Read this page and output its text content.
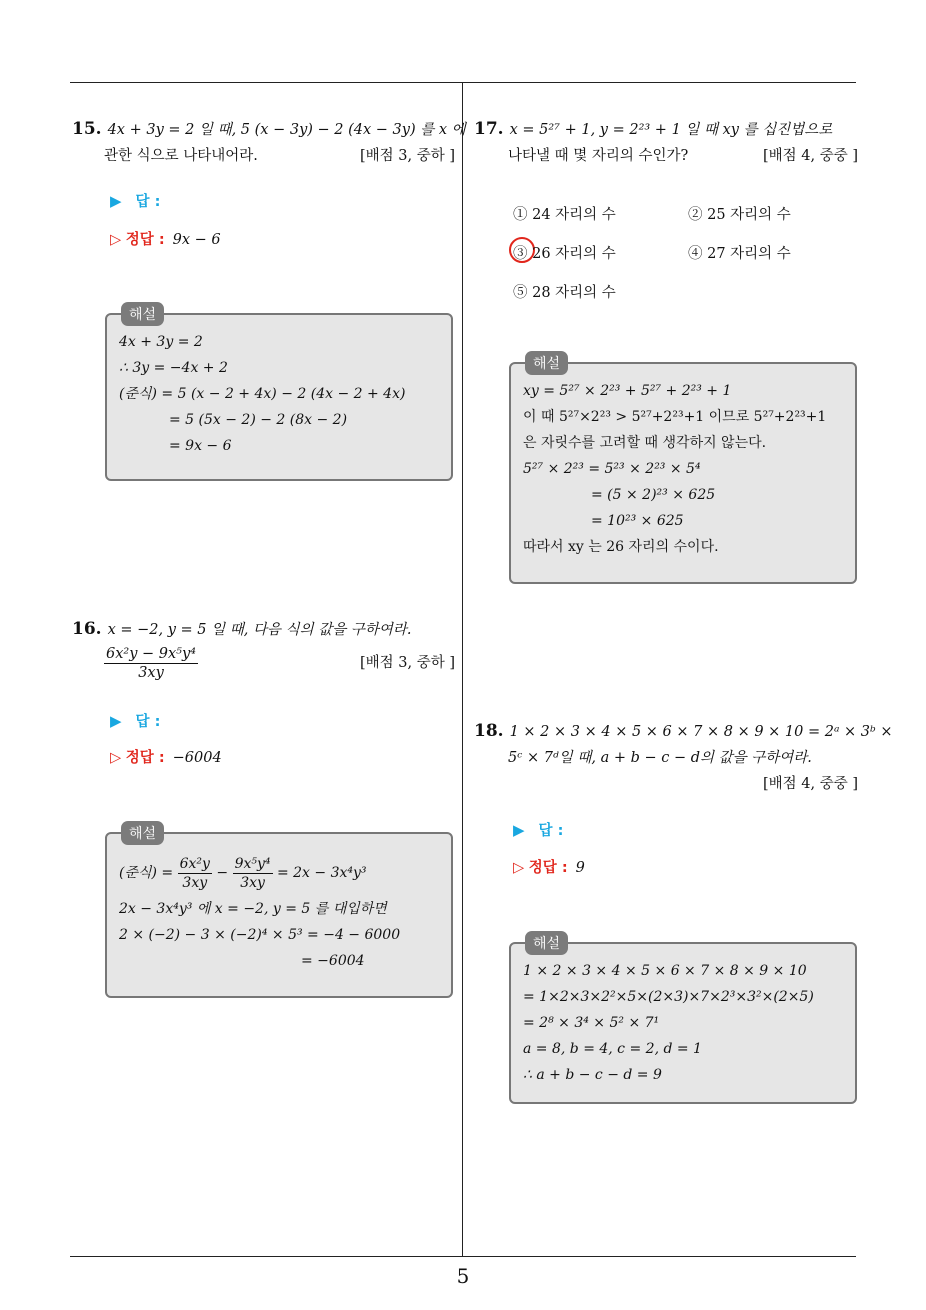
15. 4x + 3y = 2 일 때, 5 (x − 3y) − 2 (4x − 3y) 를 x 에
관한 식으로 나타내어라.	[배점 3, 중하 ]
▶ 답 :
▷ 정답 : 9x − 6
해설
4x + 3y = 2
∴ 3y = −4x + 2
(준식) = 5 (x − 2 + 4x) − 2 (4x − 2 + 4x)
= 5 (5x − 2) − 2 (8x − 2)
= 9x − 6
16. x = −2, y = 5 일 때, 다음 식의 값을 구하여라.
$\frac{\text{6x²y − 9x⁵y⁴}}{3xy}$	[배점 3, 중하 ]
▶ 답 :
▷ 정답 : −6004
해설
(준식) = $\frac{\text{6x²y}}{3xy} - \frac{\text{9x⁵y⁴}}{3xy} = 2x - 3x^4y^3$
2x − 3x⁴y³ 에 x = −2, y = 5 를 대입하면
2 × (−2) − 3 × (−2)⁴ × 5³ = −4 − 6000
= −6004
17. x = 5²⁷ + 1, y = 2²³ + 1 일 때 xy 를 십진법으로
나타낼 때 몇 자리의 수인가?	[배점 4, 중중 ]
① 24 자리의 수	② 25 자리의 수
③ 26 자리의 수	④ 27 자리의 수
⑤ 28 자리의 수
해설
xy = 5²⁷ × 2²³ + 5²⁷ + 2²³ + 1
이 때 5²⁷×2²³ > 5²⁷+2²³+1 이므로 5²⁷+2²³+1
은 자릿수를 고려할 때 생각하지 않는다.
5²⁷ × 2²³ = 5²³ × 2²³ × 5⁴
= (5 × 2)²³ × 625
= 10²³ × 625
따라서 xy 는 26 자리의 수이다.
18. 1 × 2 × 3 × 4 × 5 × 6 × 7 × 8 × 9 × 10 = 2ᵃ × 3ᵇ ×
5ᶜ × 7ᵈ일 때, a + b − c − d의 값을 구하여라.
[배점 4, 중중 ]
▶ 답 :
▷ 정답 : 9
해설
1 × 2 × 3 × 4 × 5 × 6 × 7 × 8 × 9 × 10
= 1×2×3×2²×5×(2×3)×7×2³×3²×(2×5)
= 2⁸ × 3⁴ × 5² × 7¹
a = 8, b = 4, c = 2, d = 1
∴ a + b − c − d = 9
5
